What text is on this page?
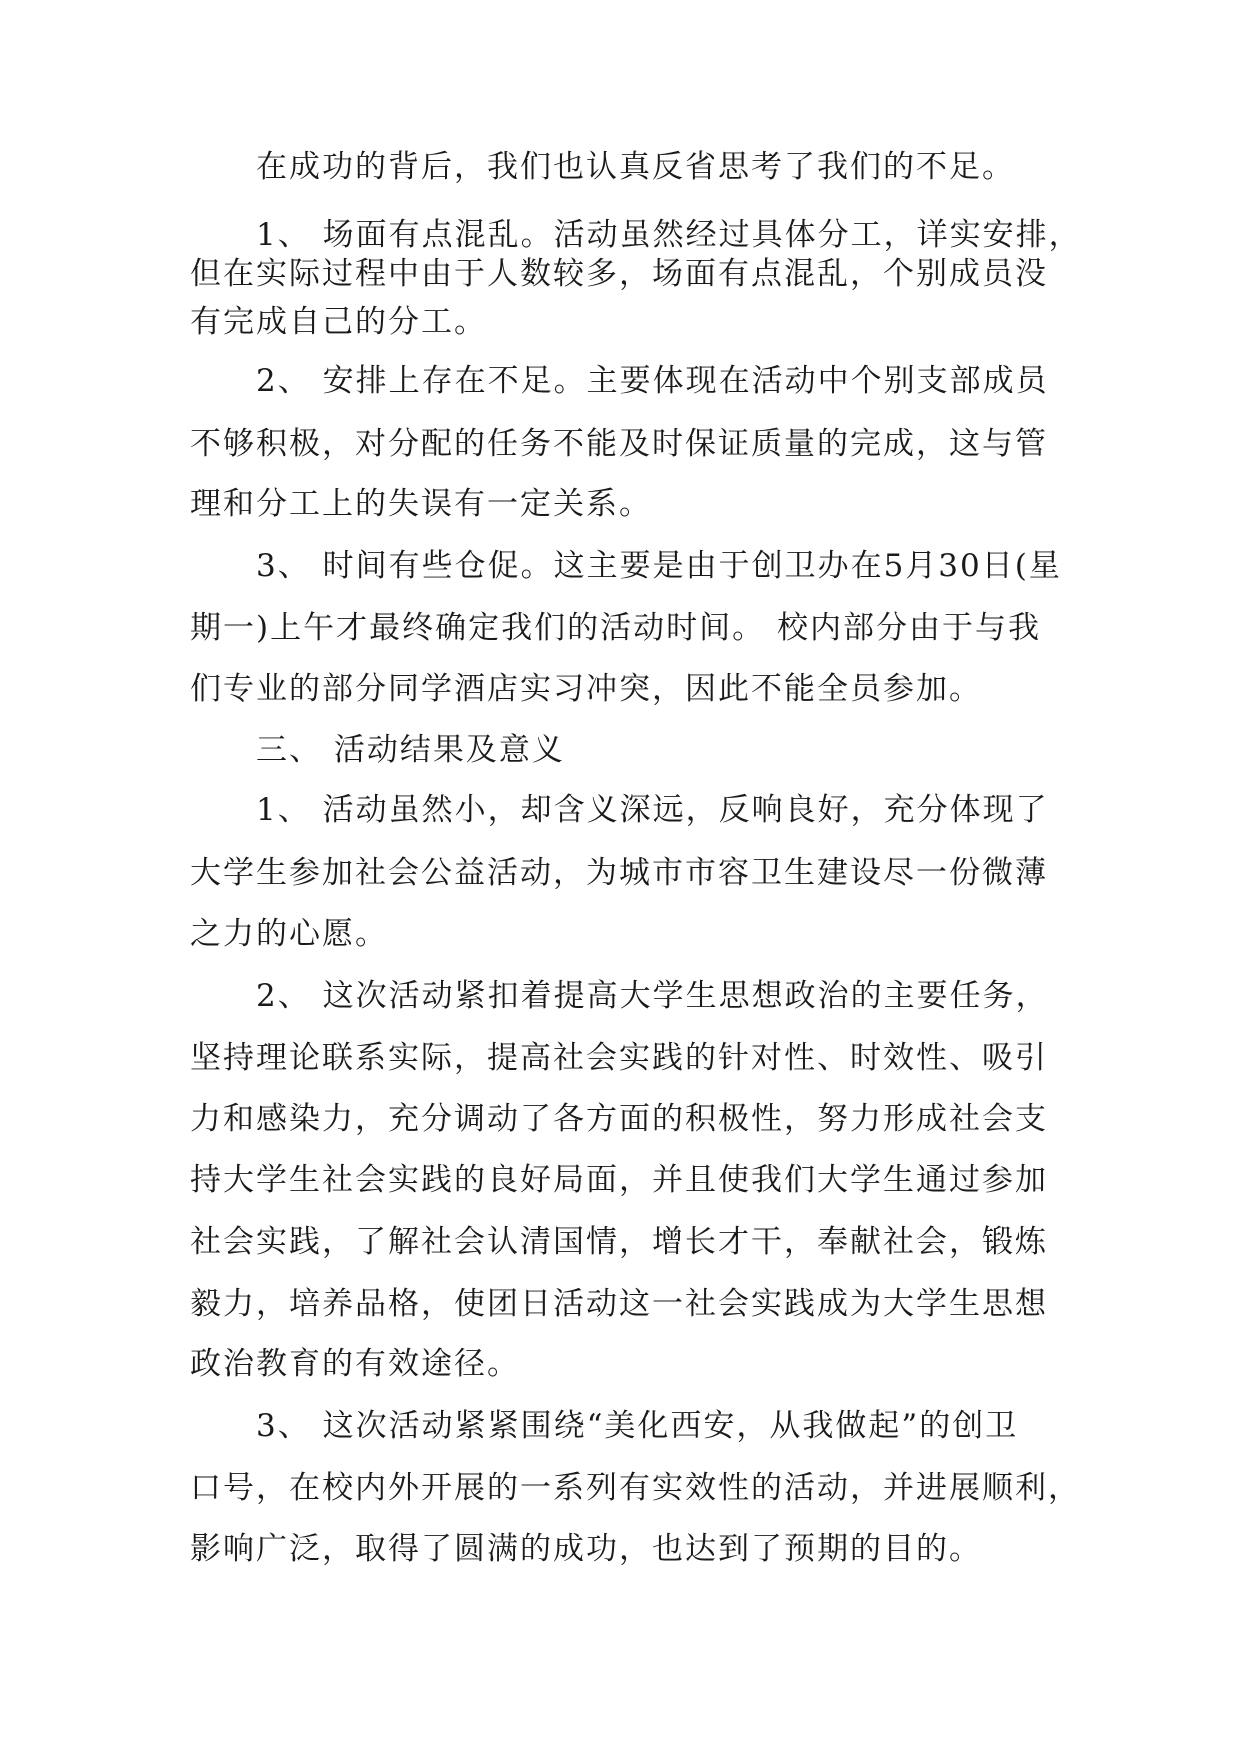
在成功的背后，我们也认真反省思考了我们的不足。
1、 场面有点混乱。活动虽然经过具体分工，详实安排，
但在实际过程中由于人数较多，场面有点混乱，个别成员没
有完成自己的分工。
2、 安排上存在不足。主要体现在活动中个别支部成员
不够积极，对分配的任务不能及时保证质量的完成，这与管
理和分工上的失误有一定关系。
3、 时间有些仓促。这主要是由于创卫办在5月30日(星
期一)上午才最终确定我们的活动时间。 校内部分由于与我
们专业的部分同学酒店实习冲突，因此不能全员参加。
三、 活动结果及意义
1、 活动虽然小，却含义深远，反响良好，充分体现了
大学生参加社会公益活动，为城市市容卫生建设尽一份微薄
之力的心愿。
2、 这次活动紧扣着提高大学生思想政治的主要任务，
坚持理论联系实际，提高社会实践的针对性、时效性、吸引
力和感染力，充分调动了各方面的积极性，努力形成社会支
持大学生社会实践的良好局面，并且使我们大学生通过参加
社会实践，了解社会认清国情，增长才干，奉献社会，锻炼
毅力，培养品格，使团日活动这一社会实践成为大学生思想
政治教育的有效途径。
3、 这次活动紧紧围绕“美化西安，从我做起”的创卫
口号，在校内外开展的一系列有实效性的活动，并进展顺利，
影响广泛，取得了圆满的成功，也达到了预期的目的。
